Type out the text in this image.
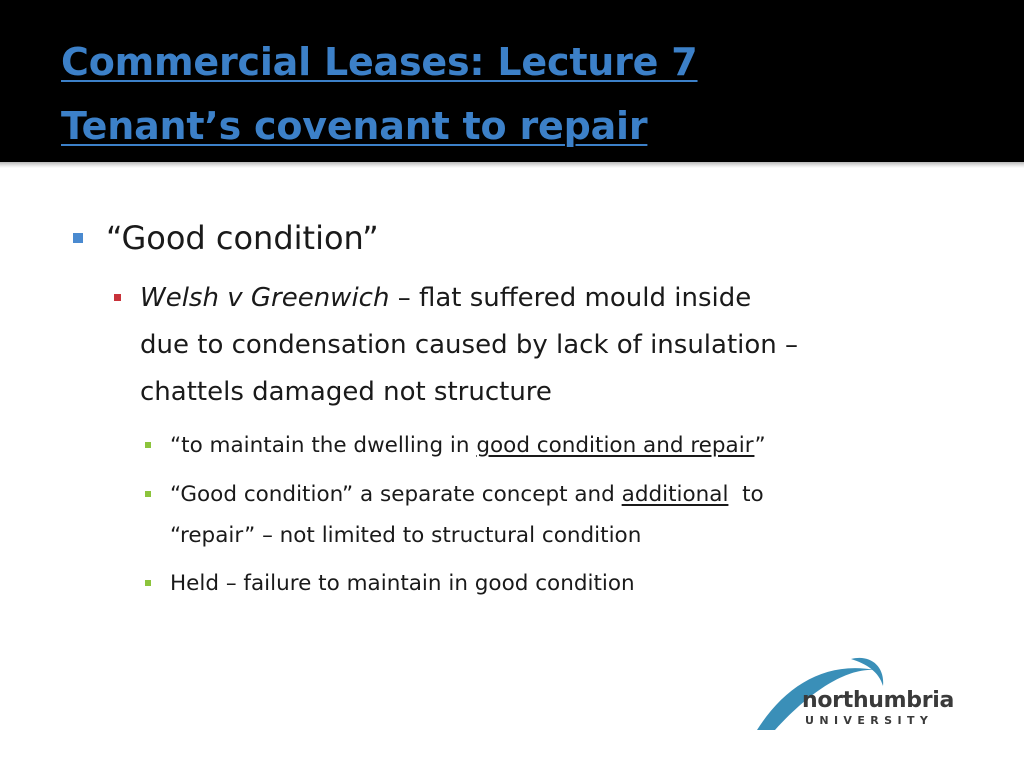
Commercial Leases: Lecture 7
Tenant’s covenant to repair
“Good condition”
Welsh v Greenwich – flat suffered mould inside
due to condensation caused by lack of insulation –
chattels damaged not structure
“to maintain the dwelling in good condition and repair”
“Good condition” a separate concept and additional  to
“repair” – not limited to structural condition
Held – failure to maintain in good condition
northumbria
UNIVERSITY
